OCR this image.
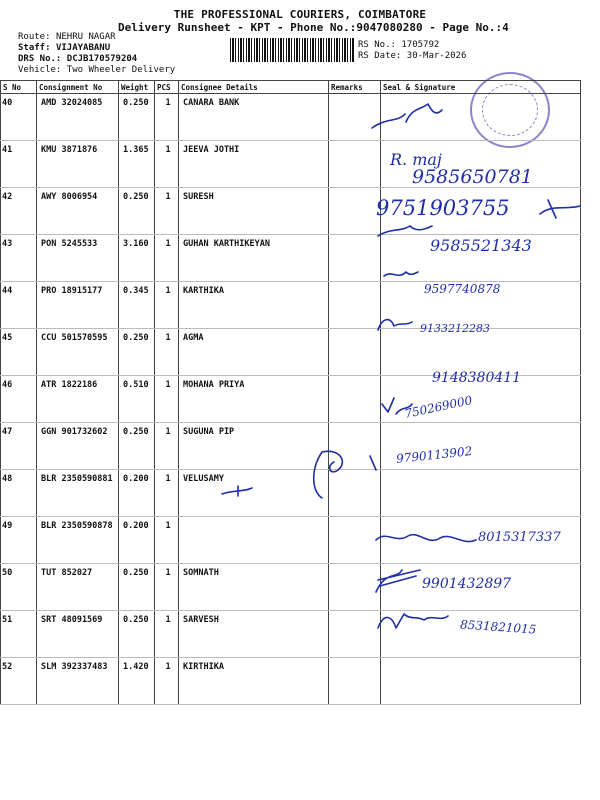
THE PROFESSIONAL COURIERS, COIMBATORE
Delivery Runsheet - KPT - Phone No.:9047080280 - Page No.:4
Route: NEHRU NAGAR
Staff: VIJAYABANU
DRS No.: DCJB170579204
Vehicle: Two Wheeler Delivery
RS No.: 1705792
RS Date: 30-Mar-2026
S No	Consignment No	Weight	PCS	Consignee Details	Remarks	Seal & Signature
40	AMD 32024085	0.250	1	CANARA BANK		
41	KMU 3871876	1.365	1	JEEVA JOTHI		
42	AWY 8006954	0.250	1	SURESH		
43	PON 5245533	3.160	1	GUHAN KARTHIKEYAN		
44	PRO 18915177	0.345	1	KARTHIKA		
45	CCU 501570595	0.250	1	AGMA		
46	ATR 1822186	0.510	1	MOHANA PRIYA		
47	GGN 901732602	0.250	1	SUGUNA PIP		
48	BLR 2350590881	0.200	1	VELUSAMY		
49	BLR 2350590878	0.200	1			
50	TUT 852027	0.250	1	SOMNATH		
51	SRT 48091569	0.250	1	SARVESH		
52	SLM 392337483	1.420	1	KIRTHIKA		
R. maj
9585650781
9751903755
9585521343
9597740878
9133212283
9148380411
750269000
9790113902
8015317337
9901432897
8531821015
